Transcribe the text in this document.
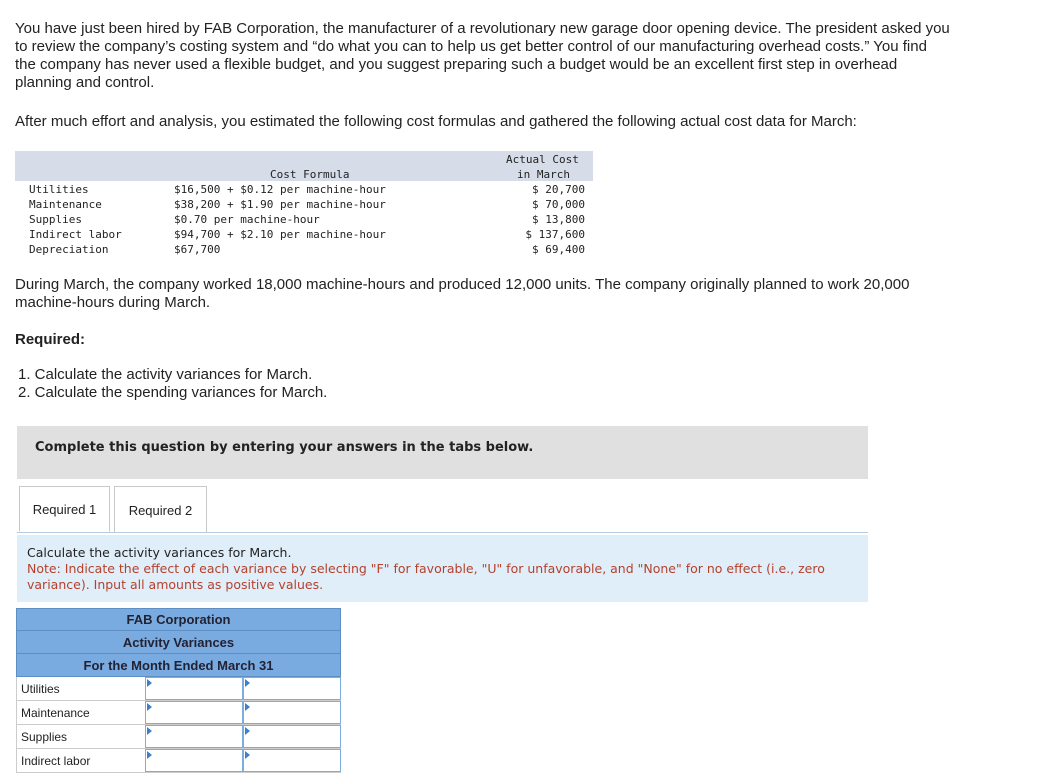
You have just been hired by FAB Corporation, the manufacturer of a revolutionary new garage door opening device. The president asked you to review the company’s costing system and “do what you can to help us get better control of our manufacturing overhead costs.” You find the company has never used a flexible budget, and you suggest preparing such a budget would be an excellent first step in overhead planning and control.

After much effort and analysis, you estimated the following cost formulas and gathered the following actual cost data for March:

Cost Formula
Actual Cost
in March
Utilities	$16,500 + $0.12 per machine-hour	$ 20,700
Maintenance	$38,200 + $1.90 per machine-hour	$ 70,000
Supplies	$0.70 per machine-hour	$ 13,800
Indirect labor	$94,700 + $2.10 per machine-hour	$ 137,600
Depreciation	$67,700	$ 69,400

During March, the company worked 18,000 machine-hours and produced 12,000 units. The company originally planned to work 20,000 machine-hours during March.

Required:

1. Calculate the activity variances for March.
2. Calculate the spending variances for March.
Complete this question by entering your answers in the tabs below.
Required 1	Required 2
Calculate the activity variances for March.
Note: Indicate the effect of each variance by selecting "F" for favorable, "U" for unfavorable, and "None" for no effect (i.e., zero variance). Input all amounts as positive values.
FAB Corporation
Activity Variances
For the Month Ended March 31
Utilities
Maintenance
Supplies
Indirect labor
